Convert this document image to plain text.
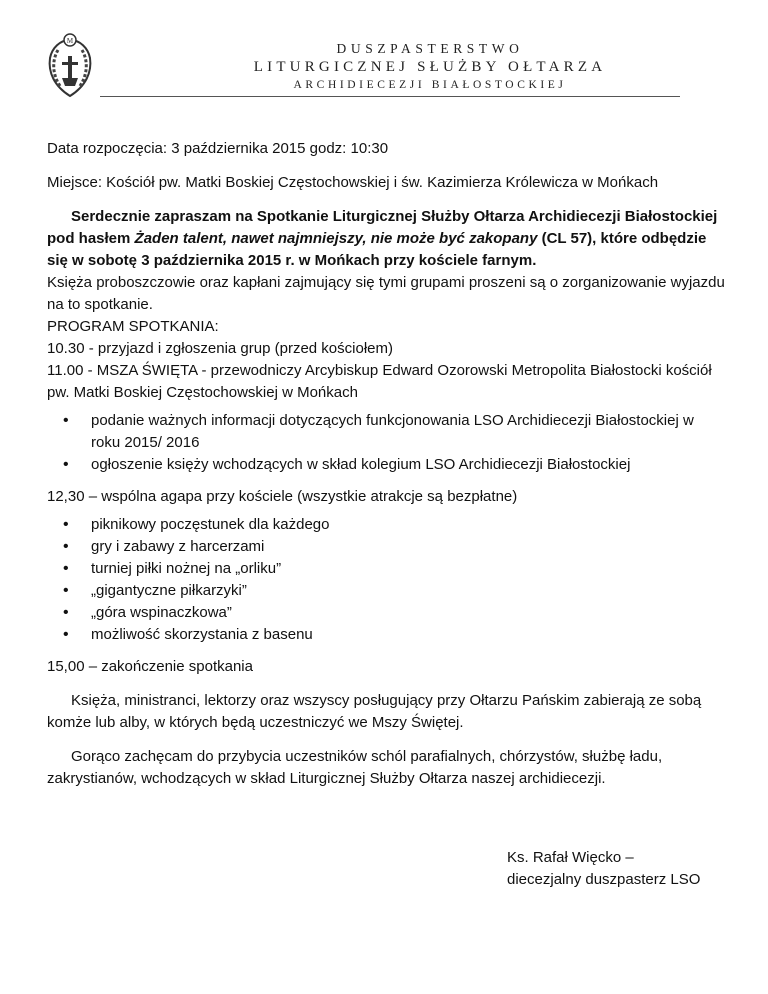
M	DUSZPASTERSTWO
LITURGICZNEJ SŁUŻBY OŁTARZA
ARCHIDIECEZJI BIAŁOSTOCKIEJ

Data rozpoczęcia: 3 października 2015 godz: 10:30

Miejsce: Kościół pw. Matki Boskiej Częstochowskiej i św. Kazimierza Królewicza w Mońkach

Serdecznie zapraszam na Spotkanie Liturgicznej Służby Ołtarza Archidiecezji Białostockiej pod hasłem Żaden talent, nawet najmniejszy, nie może być zakopany (CL 57), które odbędzie się w sobotę 3 października 2015 r. w Mońkach przy kościele farnym.

Księża proboszczowie oraz kapłani zajmujący się tymi grupami proszeni są o zorganizowanie wyjazdu na to spotkanie.

PROGRAM SPOTKANIA:

10.30 - przyjazd i zgłoszenia grup (przed kościołem)

11.00 - MSZA ŚWIĘTA - przewodniczy Arcybiskup Edward Ozorowski Metropolita Białostocki kościół pw. Matki Boskiej Częstochowskiej w Mońkach

• podanie ważnych informacji dotyczących funkcjonowania LSO Archidiecezji Białostockiej w roku 2015/ 2016
• ogłoszenie księży wchodzących w skład kolegium LSO Archidiecezji Białostockiej

12,30 – wspólna agapa przy kościele (wszystkie atrakcje są bezpłatne)

• piknikowy poczęstunek dla każdego
• gry i zabawy z harcerzami
• turniej piłki nożnej na „orliku”
• „gigantyczne piłkarzyki”
• „góra wspinaczkowa”
• możliwość skorzystania z basenu

15,00 – zakończenie spotkania

Księża, ministranci, lektorzy oraz wszyscy posługujący przy Ołtarzu Pańskim zabierają ze sobą komże lub alby, w których będą uczestniczyć we Mszy Świętej.

Gorąco zachęcam do przybycia uczestników schól parafialnych, chórzystów, służbę ładu, zakrystianów, wchodzących w skład Liturgicznej Służby Ołtarza naszej archidiecezji.

Ks. Rafał Więcko –
diecezjalny duszpasterz LSO
